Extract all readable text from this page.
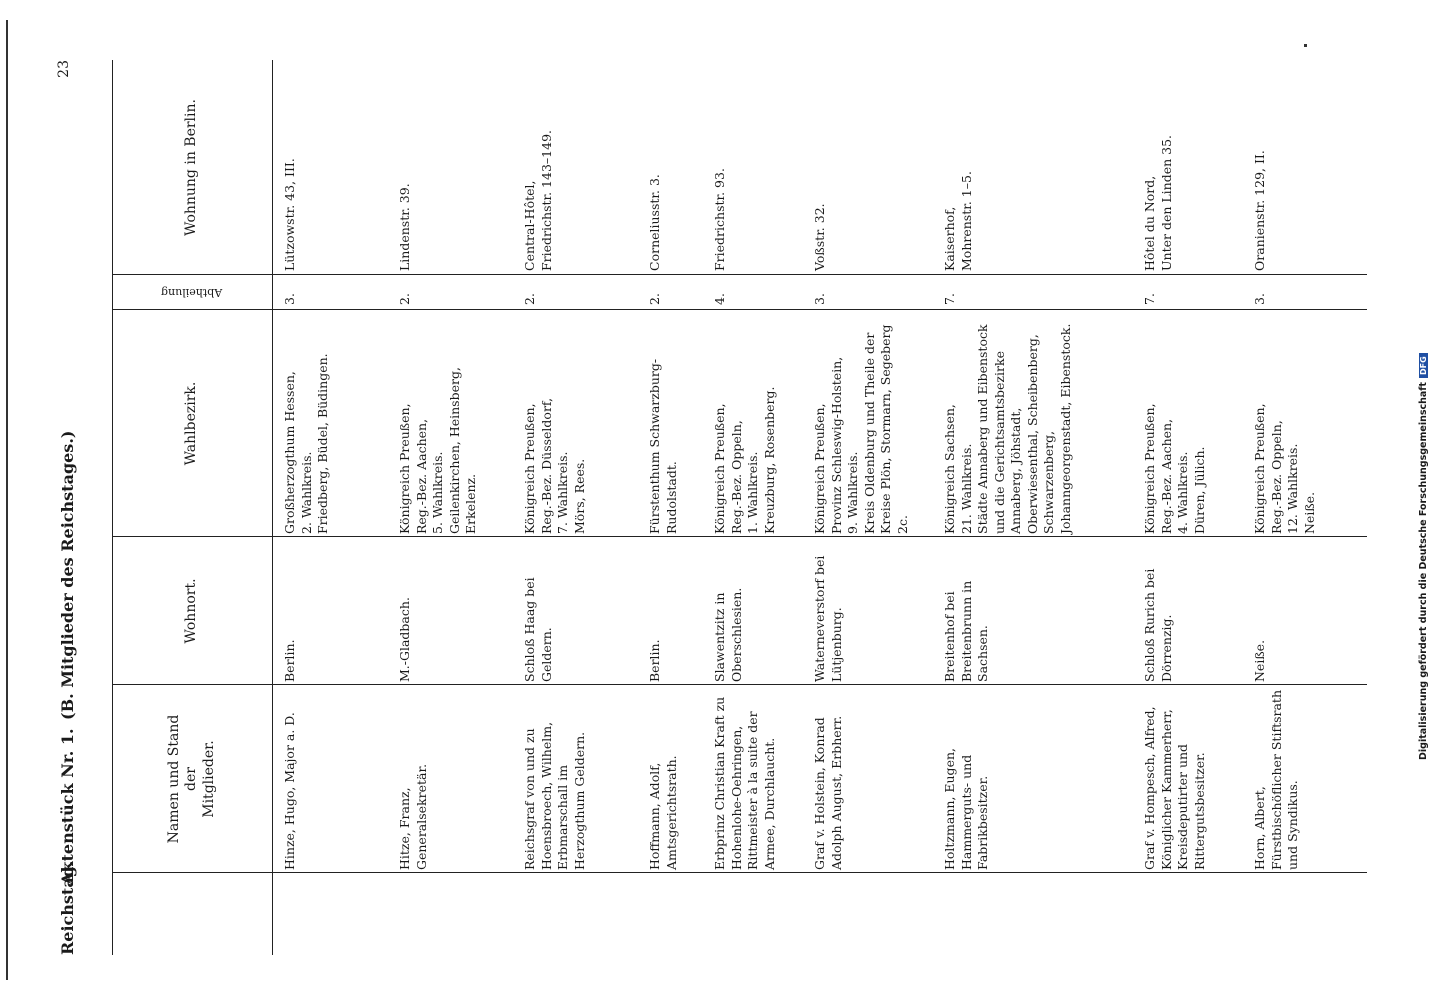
Reichstag.
Aktenstück Nr. 1.
(B. Mitglieder des Reichstages.)
23
Namen und Stand
der
Mitglieder.
Wohnort.
Wahlbezirk.
Abtheilung
Wohnung in Berlin.
Hinze, Hugo, Major a. D.
Berlin.
Großherzogthum Hessen,
2. Wahlkreis.
Friedberg, Büdel, Büdingen.
3.
Lützowstr. 43, III.
Hitze, Franz, Generalsekretär.
M.-Gladbach.
Königreich Preußen,
Reg.-Bez. Aachen,
5. Wahlkreis.
Geilenkirchen, Heinsberg, Erkelenz.
2.
Lindenstr. 39.
Reichsgraf von und zu Hoensbroech, Wilhelm, Erbmarschall im Herzogthum Geldern.
Schloß Haag bei Geldern.
Königreich Preußen,
Reg.-Bez. Düsseldorf,
7. Wahlkreis.
Mörs, Rees.
2.
Central-Hôtel,
Friedrichstr. 143–149.
Hoffmann, Adolf, Amtsgerichtsrath.
Berlin.
Fürstenthum Schwarzburg-Rudolstadt.
2.
Corneliusstr. 3.
Erbprinz Christian Kraft zu Hohenlohe-Oehringen, Rittmeister à la suite der Armee, Durchlaucht.
Slawentzitz in Oberschlesien.
Königreich Preußen,
Reg.-Bez. Oppeln,
1. Wahlkreis.
Kreuzburg, Rosenberg.
4.
Friedrichstr. 93.
Graf v. Holstein, Konrad Adolph August, Erbherr.
Waterneverstorf bei Lütjenburg.
Königreich Preußen,
Provinz Schleswig-Holstein,
9. Wahlkreis.
Kreis Oldenburg und Theile der Kreise Plön, Stormarn, Segeberg 2c.
3.
Voßstr. 32.
Holtzmann, Eugen, Hammerguts- und Fabrikbesitzer.
Breitenhof bei Breitenbrunn in Sachsen.
Königreich Sachsen,
21. Wahlkreis.
Städte Annaberg und Eibenstock und die Gerichtsamtsbezirke Annaberg, Jöhstadt, Oberwiesenthal, Scheibenberg, Schwarzenberg, Johanngeorgenstadt, Eibenstock.
7.
Kaiserhof,
Mohrenstr. 1–5.
Graf v. Hompesch, Alfred, Königlicher Kammerherr, Kreisdeputirter und Rittergutsbesitzer.
Schloß Rurich bei Dörrenzig.
Königreich Preußen,
Reg.-Bez. Aachen,
4. Wahlkreis.
Düren, Jülich.
7.
Hôtel du Nord,
Unter den Linden 35.
Horn, Albert, Fürstbischöflicher Stiftsrath und Syndikus.
Neiße.
Königreich Preußen,
Reg.-Bez. Oppeln,
12. Wahlkreis.
Neiße.
3.
Oranienstr. 129, II.
Digitalisierung gefördert durch die Deutsche ForschungsgemeinschaftDFG
